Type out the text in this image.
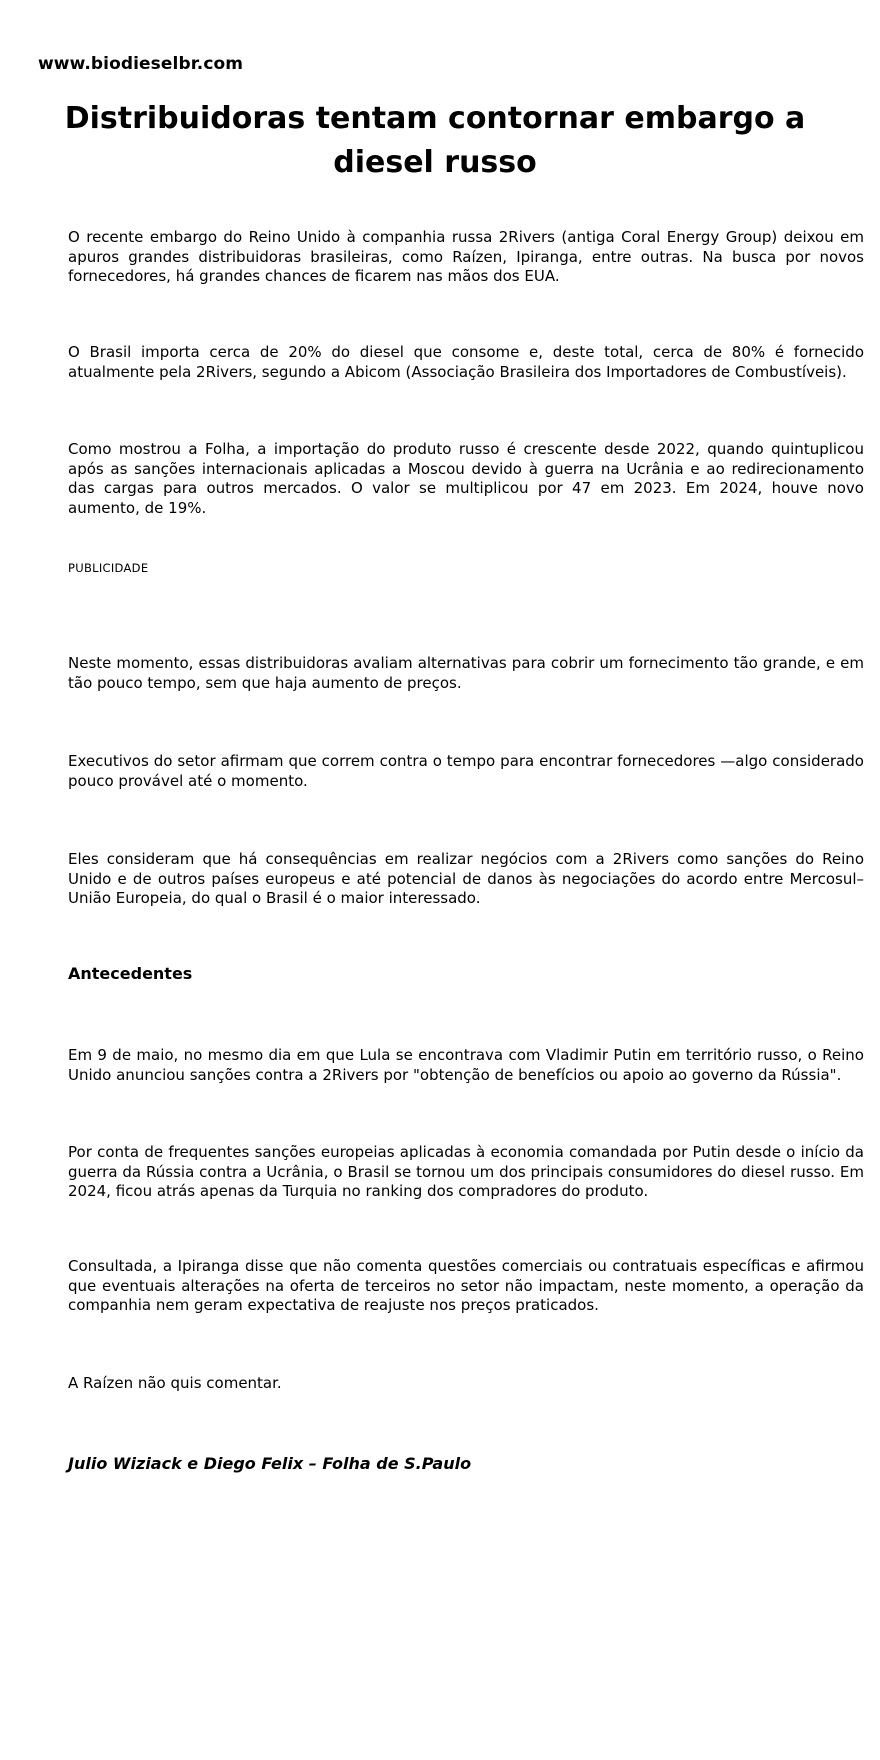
www.biodieselbr.com
Distribuidoras tentam contornar embargo a diesel russo

O recente embargo do Reino Unido à companhia russa 2Rivers (antiga Coral Energy Group) deixou em apuros grandes distribuidoras brasileiras, como Raízen, Ipiranga, entre outras. Na busca por novos fornecedores, há grandes chances de ficarem nas mãos dos EUA.

O Brasil importa cerca de 20% do diesel que consome e, deste total, cerca de 80% é fornecido atualmente pela 2Rivers, segundo a Abicom (Associação Brasileira dos Importadores de Combustíveis).

Como mostrou a Folha, a importação do produto russo é crescente desde 2022, quando quintuplicou após as sanções internacionais aplicadas a Moscou devido à guerra na Ucrânia e ao redirecionamento das cargas para outros mercados. O valor se multiplicou por 47 em 2023. Em 2024, houve novo aumento, de 19%.

PUBLICIDADE

Neste momento, essas distribuidoras avaliam alternativas para cobrir um fornecimento tão grande, e em tão pouco tempo, sem que haja aumento de preços.

Executivos do setor afirmam que correm contra o tempo para encontrar fornecedores —algo considerado pouco provável até o momento.

Eles consideram que há consequências em realizar negócios com a 2Rivers como sanções do Reino Unido e de outros países europeus e até potencial de danos às negociações do acordo entre Mercosul–União Europeia, do qual o Brasil é o maior interessado.

Antecedentes

Em 9 de maio, no mesmo dia em que Lula se encontrava com Vladimir Putin em território russo, o Reino Unido anunciou sanções contra a 2Rivers por "obtenção de benefícios ou apoio ao governo da Rússia".

Por conta de frequentes sanções europeias aplicadas à economia comandada por Putin desde o início da guerra da Rússia contra a Ucrânia, o Brasil se tornou um dos principais consumidores do diesel russo. Em 2024, ficou atrás apenas da Turquia no ranking dos compradores do produto.

Consultada, a Ipiranga disse que não comenta questões comerciais ou contratuais específicas e afirmou que eventuais alterações na oferta de terceiros no setor não impactam, neste momento, a operação da companhia nem geram expectativa de reajuste nos preços praticados.

A Raízen não quis comentar.

Julio Wiziack e Diego Felix – Folha de S.Paulo
